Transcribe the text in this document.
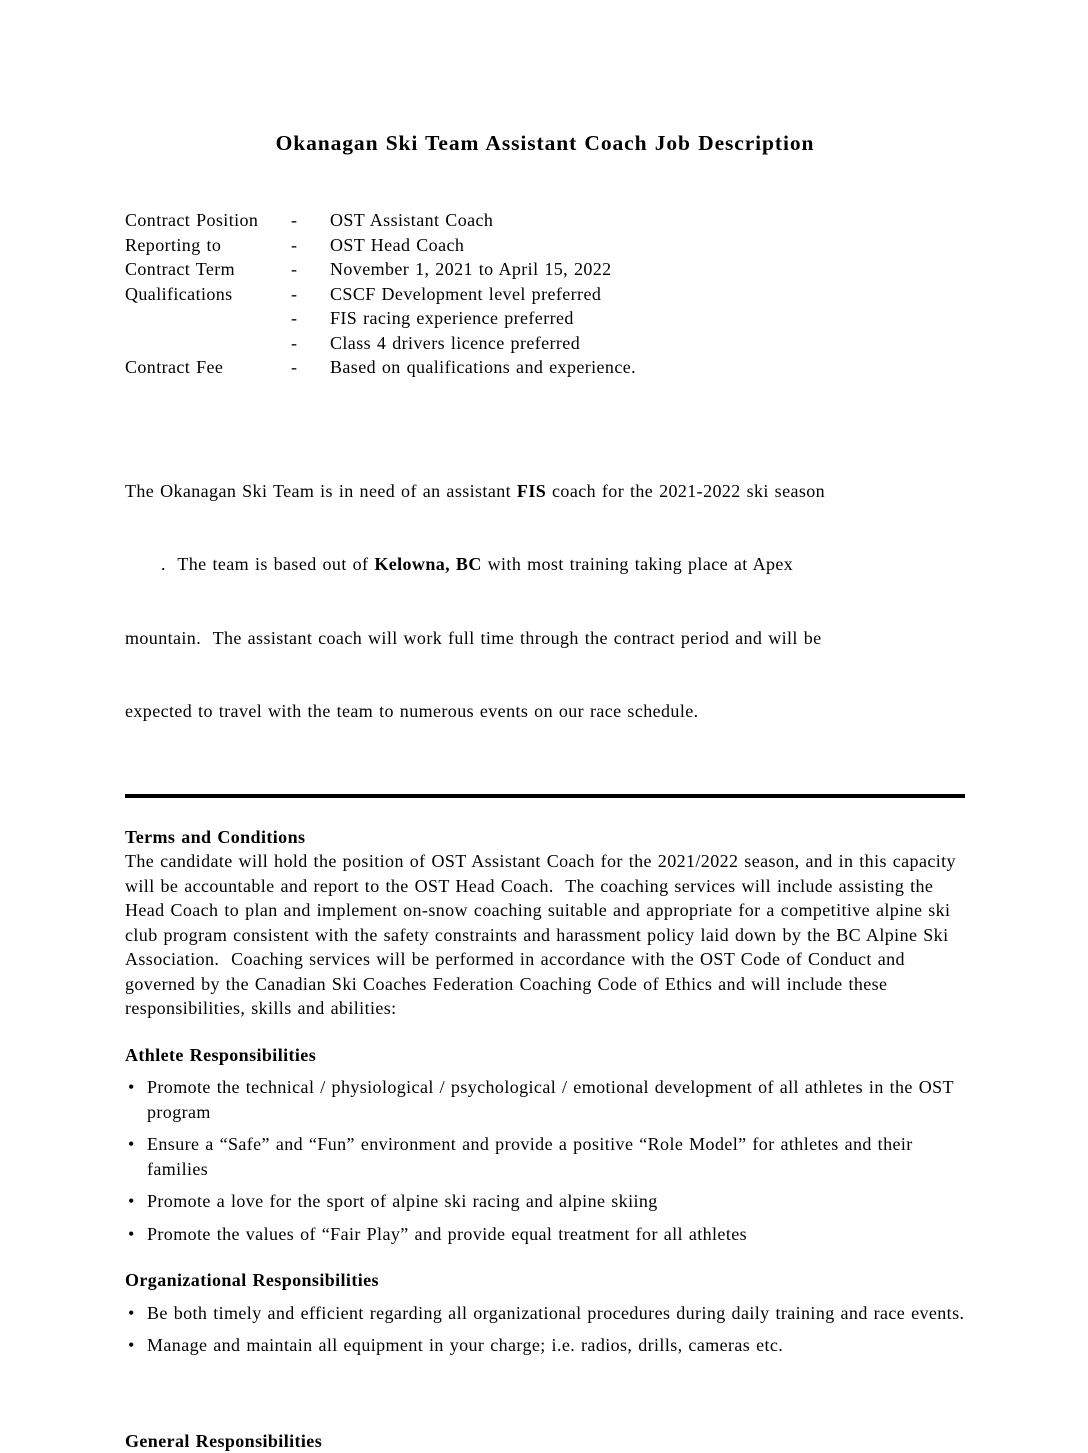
Okanagan Ski Team Assistant Coach Job Description
Contract Position	-	OST Assistant Coach
Reporting to	-	OST Head Coach
Contract Term	-	November 1, 2021 to April 15, 2022
Qualifications	-	CSCF Development level preferred
-	FIS racing experience preferred
-	Class 4 drivers licence preferred
Contract Fee	-	Based on qualifications and experience.

The Okanagan Ski Team is in need of an assistant FIS coach for the 2021-2022 ski season

.  The team is based out of Kelowna, BC with most training taking place at Apex

mountain.  The assistant coach will work full time through the contract period and will be

expected to travel with the team to numerous events on our race schedule.

Terms and Conditions

The candidate will hold the position of OST Assistant Coach for the 2021/2022 season, and in this capacity will be accountable and report to the OST Head Coach.  The coaching services will include assisting the Head Coach to plan and implement on-snow coaching suitable and appropriate for a competitive alpine ski club program consistent with the safety constraints and harassment policy laid down by the BC Alpine Ski Association.  Coaching services will be performed in accordance with the OST Code of Conduct and governed by the Canadian Ski Coaches Federation Coaching Code of Ethics and will include these responsibilities, skills and abilities:

Athlete Responsibilities
• Promote the technical / physiological / psychological / emotional development of all athletes in the OST program
• Ensure a “Safe” and “Fun” environment and provide a positive “Role Model” for athletes and their families
• Promote a love for the sport of alpine ski racing and alpine skiing
• Promote the values of “Fair Play” and provide equal treatment for all athletes
Organizational Responsibilities
• Be both timely and efficient regarding all organizational procedures during daily training and race events.
• Manage and maintain all equipment in your charge; i.e. radios, drills, cameras etc.
General Responsibilities
